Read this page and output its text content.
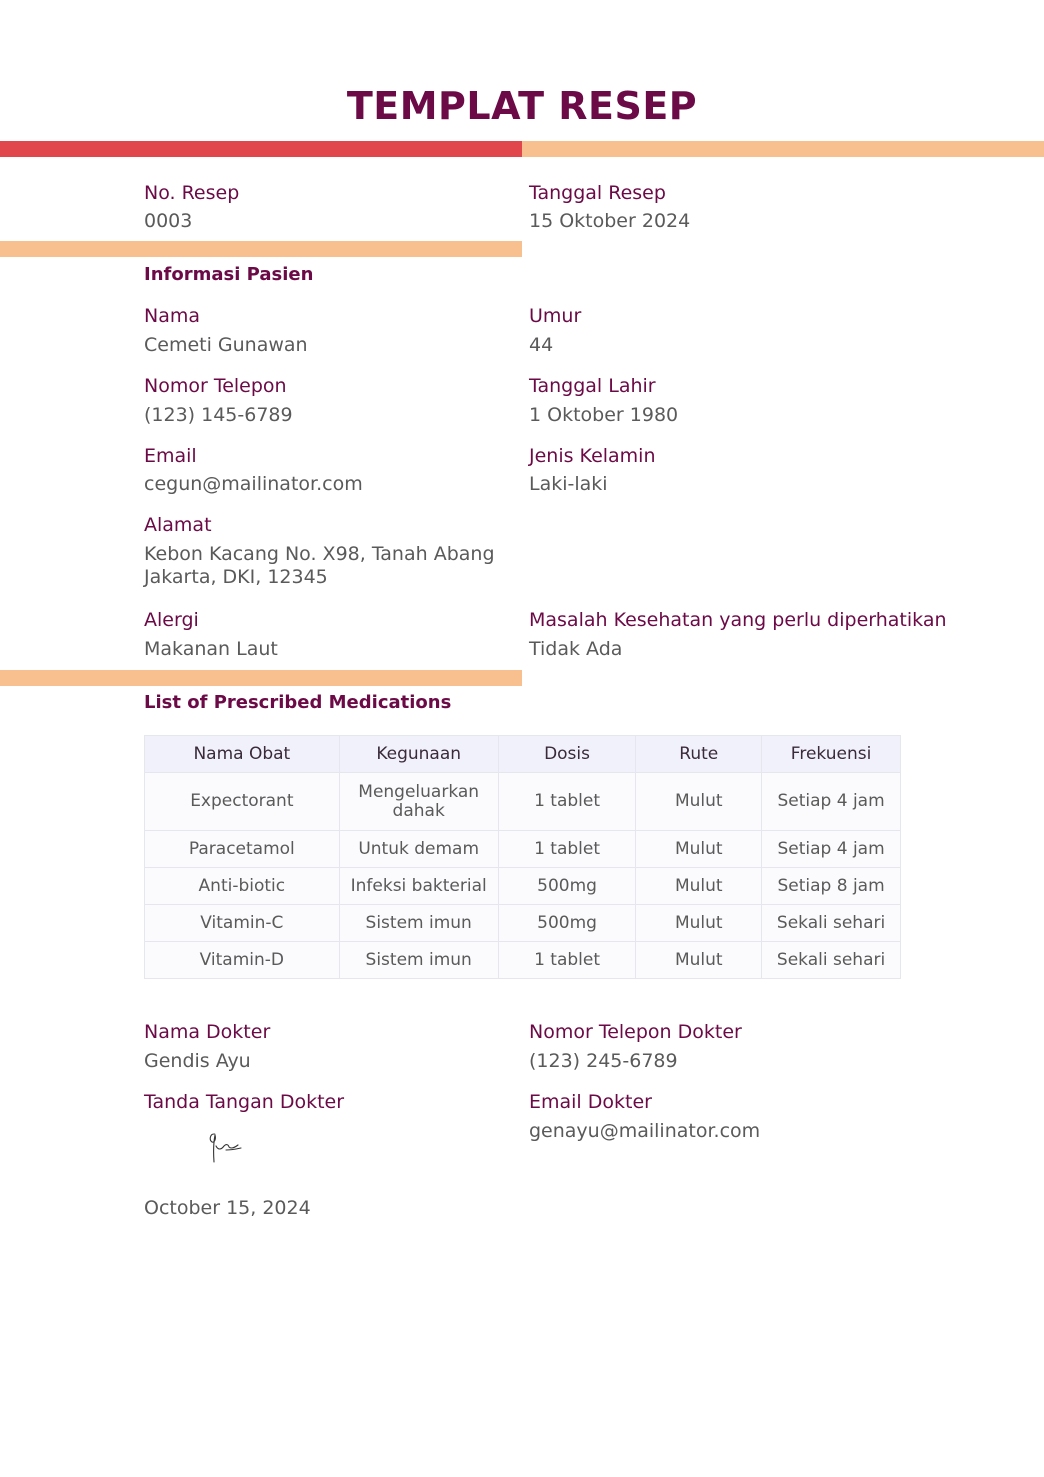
TEMPLAT RESEP
No. Resep
0003
Tanggal Resep
15 Oktober 2024
Informasi Pasien
Nama
Cemeti Gunawan
Umur
44
Nomor Telepon
(123) 145-6789
Tanggal Lahir
1 Oktober 1980
Email
cegun@mailinator.com
Jenis Kelamin
Laki-laki
Alamat
Kebon Kacang No. X98, Tanah Abang
Jakarta, DKI, 12345
Alergi
Makanan Laut
Masalah Kesehatan yang perlu diperhatikan
Tidak Ada
List of Prescribed Medications
Nama Obat	Kegunaan	Dosis	Rute	Frekuensi
Expectorant	Mengeluarkan dahak	1 tablet	Mulut	Setiap 4 jam
Paracetamol	Untuk demam	1 tablet	Mulut	Setiap 4 jam
Anti-biotic	Infeksi bakterial	500mg	Mulut	Setiap 8 jam
Vitamin-C	Sistem imun	500mg	Mulut	Sekali sehari
Vitamin-D	Sistem imun	1 tablet	Mulut	Sekali sehari
Nama Dokter
Gendis Ayu
Nomor Telepon Dokter
(123) 245-6789
Tanda Tangan Dokter	Email Dokter
genayu@mailinator.com
October 15, 2024
